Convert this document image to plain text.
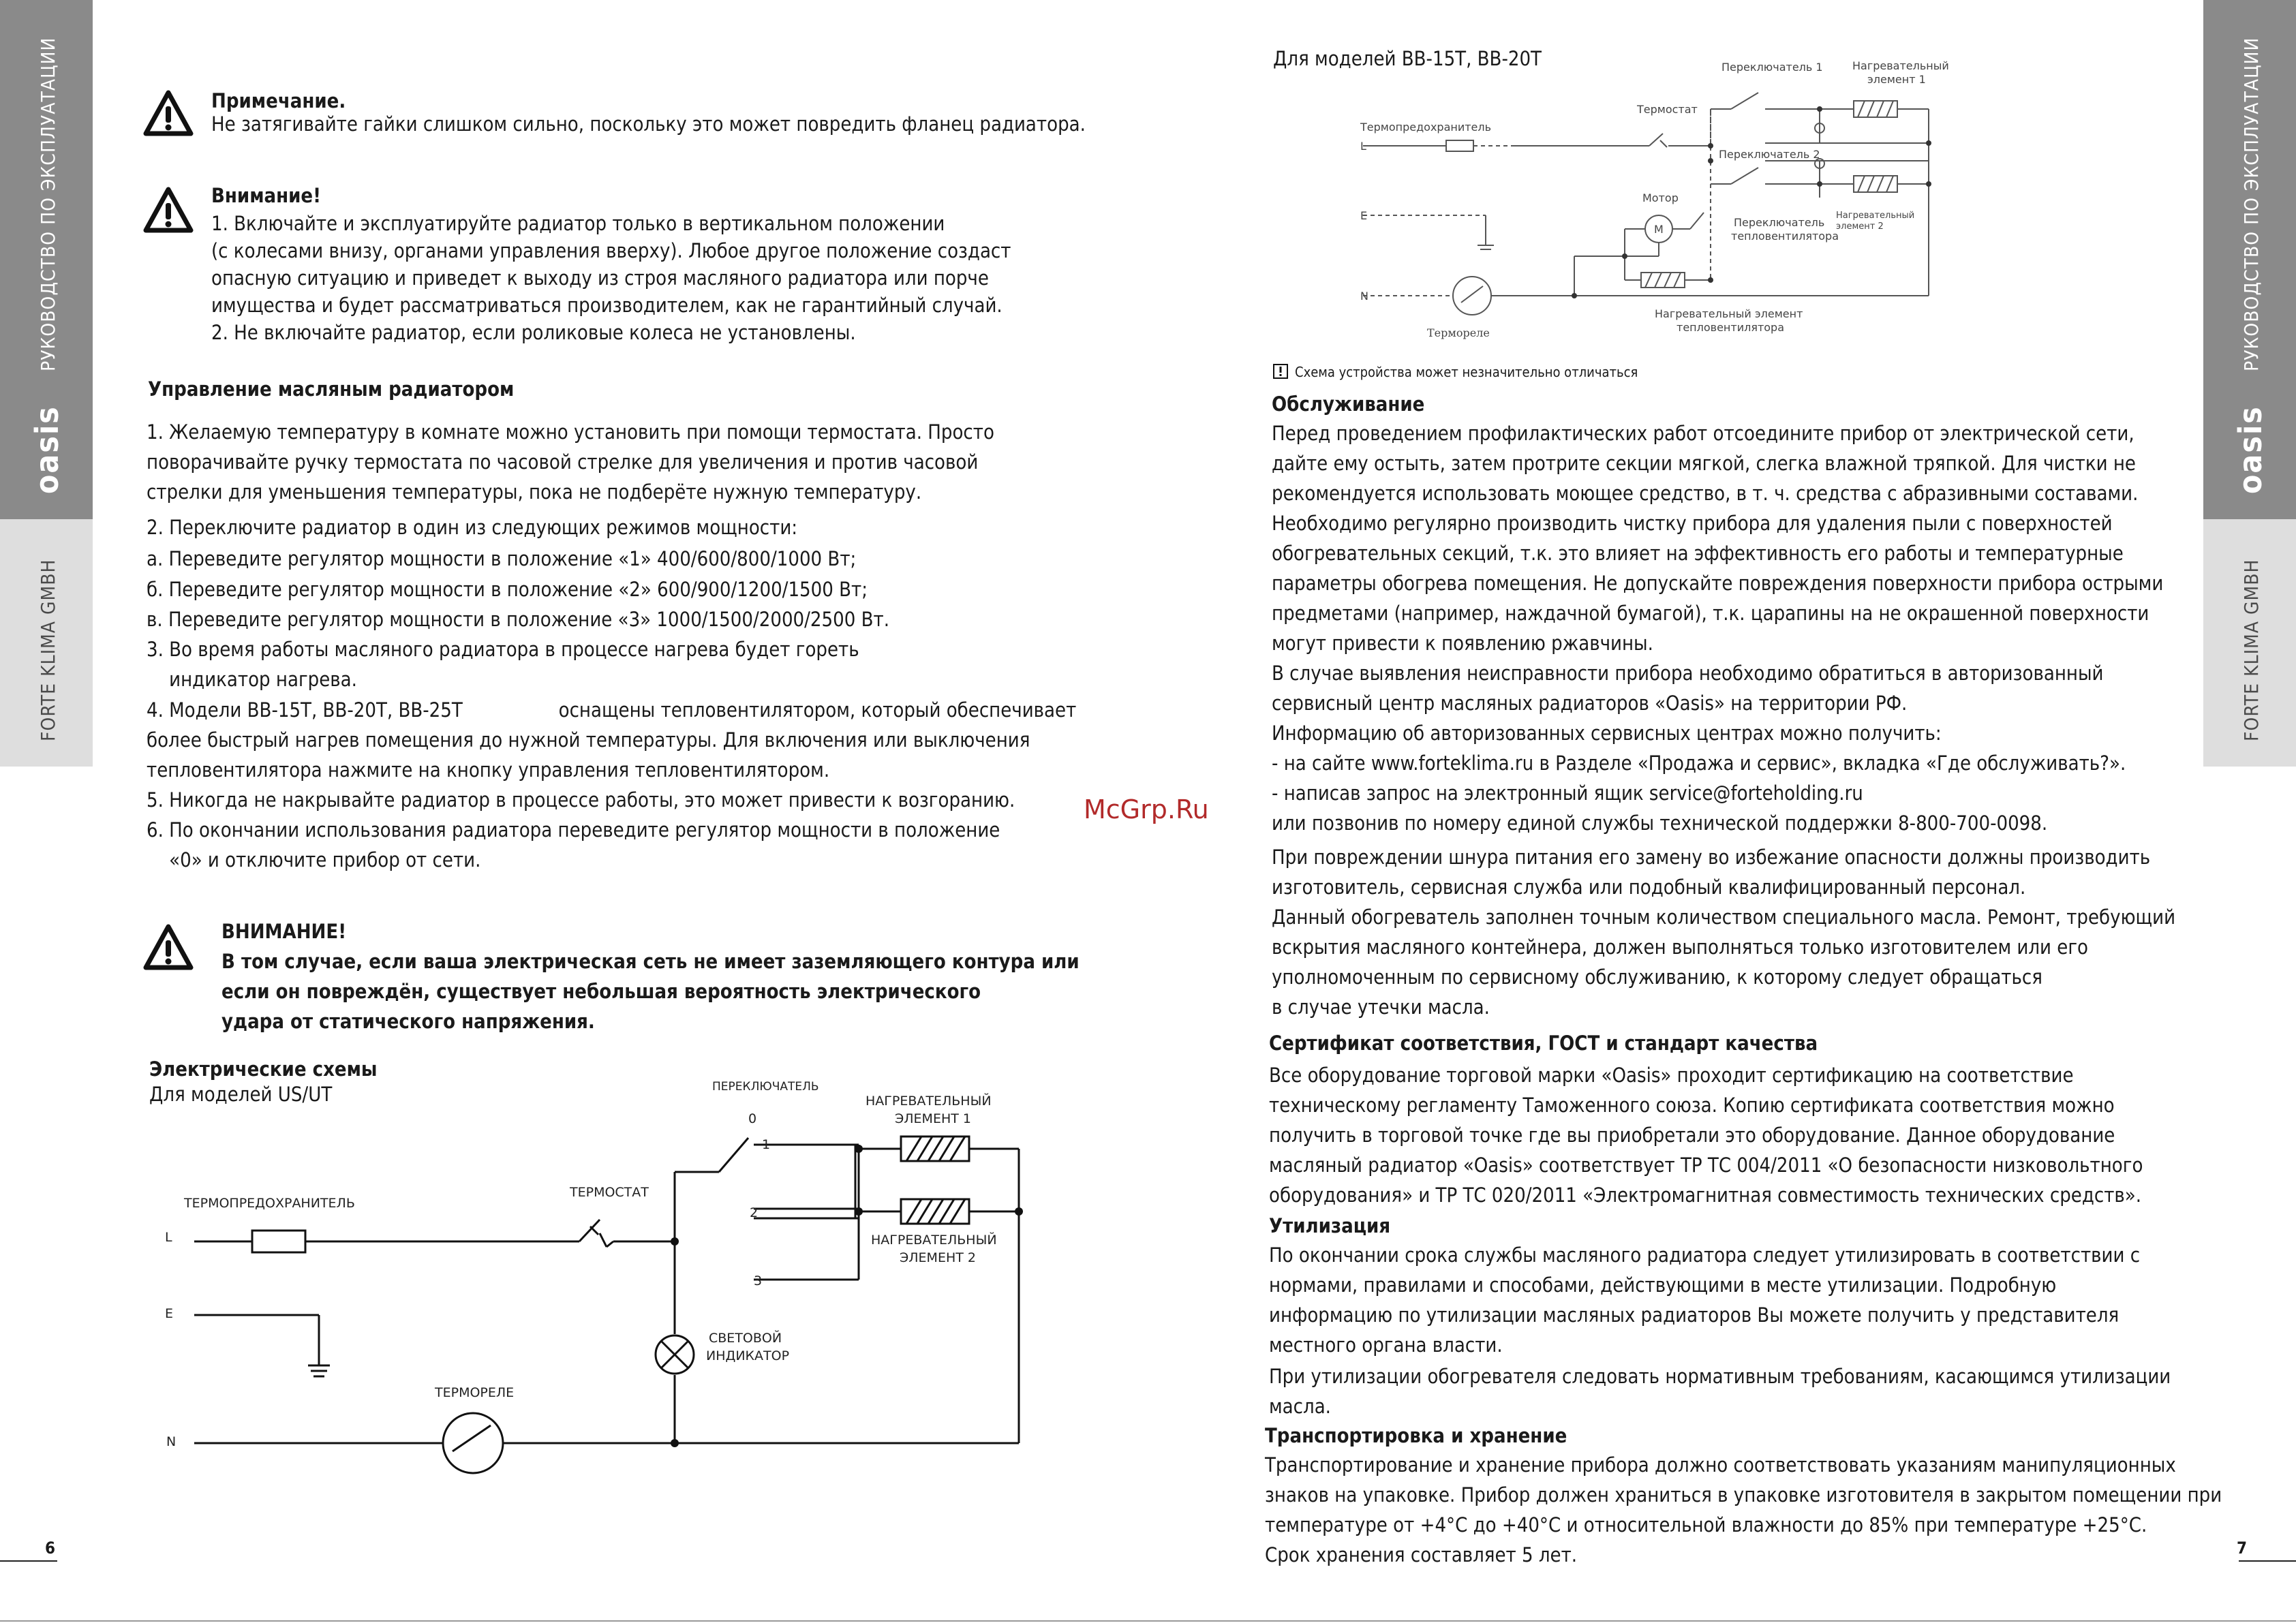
РУКОВОДСТВО ПО ЭКСПЛУАТАЦИИ
oasis
FORTE KLIMA GMBH
РУКОВОДСТВО ПО ЭКСПЛУАТАЦИИ
oasis
FORTE KLIMA GMBH
Примечание.
Не затягивайте гайки слишком сильно, поскольку это может повредить фланец радиатора.
Внимание!
1. Включайте и эксплуатируйте радиатор только в вертикальном положении
(с колесами внизу, органами управления вверху). Любое другое положение создаст
опасную ситуацию и приведет к выходу из строя масляного радиатора или порче
имущества и будет рассматриваться производителем, как не гарантийный случай.
2. Не включайте радиатор, если роликовые колеса не установлены.
Управление масляным радиатором
1. Желаемую температуру в комнате можно установить при помощи термостата. Просто
поворачивайте ручку термостата по часовой стрелке для увеличения и против часовой
стрелки для уменьшения температуры, пока не подберёте нужную температуру.
2. Переключите радиатор в один из следующих режимов мощности:
а. Переведите регулятор мощности в положение «1» 400/600/800/1000 Вт;
б. Переведите регулятор мощности в положение «2» 600/900/1200/1500 Вт;
в. Переведите регулятор мощности в положение «3» 1000/1500/2000/2500 Вт.
3. Во время работы масляного радиатора в процессе нагрева будет гореть
индикатор нагрева.
4. Модели BB-15T, BB-20T, BB-25T                 оснащены тепловентилятором, который обеспечивает
более быстрый нагрев помещения до нужной температуры. Для включения или выключения
тепловентилятора нажмите на кнопку управления тепловентилятором.
5. Никогда не накрывайте радиатор в процессе работы, это может привести к возгоранию.
6. По окончании использования радиатора переведите регулятор мощности в положение
«0» и отключите прибор от сети.
ВНИМАНИЕ!
В том случае, если ваша электрическая сеть не имеет заземляющего контура или
если он повреждён, существует небольшая вероятность электрического
удара от статического напряжения.
Электрические схемы
Для моделей US/UT	ПЕРЕКЛЮЧАТЕЛЬ
0
1
2
3
НАГРЕВАТЕЛЬНЫЙ
ЭЛЕМЕНТ 1
НАГРЕВАТЕЛЬНЫЙ
ЭЛЕМЕНТ 2
ТЕРМОПРЕДОХРАНИТЕЛЬ
ТЕРМОСТАТ
L
E
N
СВЕТОВОЙ
ИНДИКАТОР
ТЕРМОРЕЛЕ
6
McGrp.Ru
Для моделей BB-15T, BB-20T	Переключатель 1	Нагревательный
элемент 1
Термостат
Термопредохранитель
L
Переключатель 2
Мотор
M
Переключатель
тепловентилятора
Нагревательный
элемент 2
E
N
Термореле
Нагревательный элемент
тепловентилятора
Схема устройства может незначительно отличаться
Обслуживание
Перед проведением профилактических работ отсоедините прибор от электрической сети,
дайте ему остыть, затем протрите секции мягкой, слегка влажной тряпкой. Для чистки не
рекомендуется использовать моющее средство, в т. ч. средства с абразивными составами.
Необходимо регулярно производить чистку прибора для удаления пыли с поверхностей
обогревательных секций, т.к. это влияет на эффективность его работы и температурные
параметры обогрева помещения. Не допускайте повреждения поверхности прибора острыми
предметами (например, наждачной бумагой), т.к. царапины на не окрашенной поверхности
могут привести к появлению ржавчины.
В случае выявления неисправности прибора необходимо обратиться в авторизованный
сервисный центр масляных радиаторов «Oasis» на территории РФ.
Информацию об авторизованных сервисных центрах можно получить:
- на сайте www.forteklima.ru в Разделе «Продажа и сервис», вкладка «Где обслуживать?».
- написав запрос на электронный ящик service@forteholding.ru
или позвонив по номеру единой службы технической поддержки 8-800-700-0098.
При повреждении шнура питания его замену во избежание опасности должны производить
изготовитель, сервисная служба или подобный квалифицированный персонал.
Данный обогреватель заполнен точным количеством специального масла. Ремонт, требующий
вскрытия масляного контейнера, должен выполняться только изготовителем или его
уполномоченным по сервисному обслуживанию, к которому следует обращаться
в случае утечки масла.
Сертификат соответствия, ГОСТ и стандарт качества
Все оборудование торговой марки «Oasis» проходит сертификацию на соответствие
техническому регламенту Таможенного союза. Копию сертификата соответствия можно
получить в торговой точке где вы приобретали это оборудование. Данное оборудование
масляный радиатор «Oasis» соответствует ТР ТС 004/2011 «О безопасности низковольтного
оборудования» и ТР ТС 020/2011 «Электромагнитная совместимость технических средств».
Утилизация
По окончании срока службы масляного радиатора следует утилизировать в соответствии с
нормами, правилами и способами, действующими в месте утилизации. Подробную
информацию по утилизации масляных радиаторов Вы можете получить у представителя
местного органа власти.
При утилизации обогревателя следовать нормативным требованиям, касающимся утилизации
масла.
Транспортировка и хранение
Транспортирование и хранение прибора должно соответствовать указаниям манипуляционных
знаков на упаковке. Прибор должен храниться в упаковке изготовителя в закрытом помещении при
температуре от +4°C до +40°C и относительной влажности до 85% при температуре +25°C.
Срок хранения составляет 5 лет.	7
